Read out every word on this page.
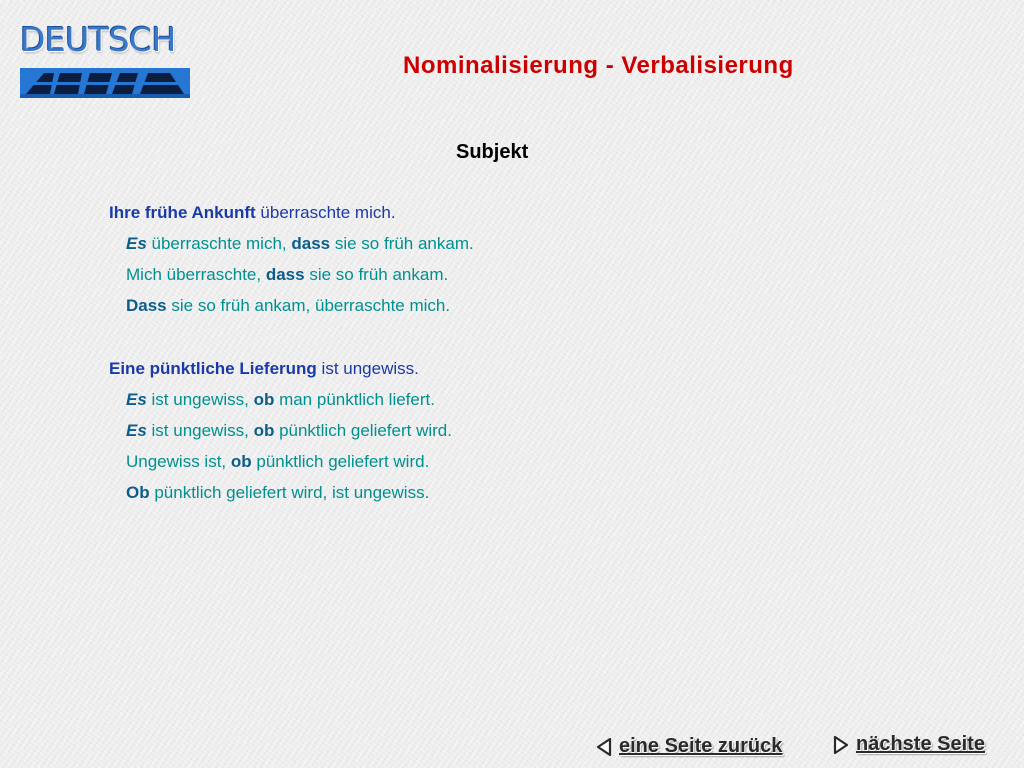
DEUTSCH
Nominalisierung - Verbalisierung
Subjekt
Ihre frühe Ankunft überraschte mich.
Es überraschte mich, dass sie so früh ankam.
Mich überraschte, dass sie so früh ankam.
Dass sie so früh ankam, überraschte mich.
Eine pünktliche Lieferung ist ungewiss.
Es ist ungewiss, ob man pünktlich liefert.
Es ist ungewiss, ob pünktlich geliefert wird.
Ungewiss ist, ob pünktlich geliefert wird.
Ob pünktlich geliefert wird, ist ungewiss.
eine Seite zurück	nächste Seite
